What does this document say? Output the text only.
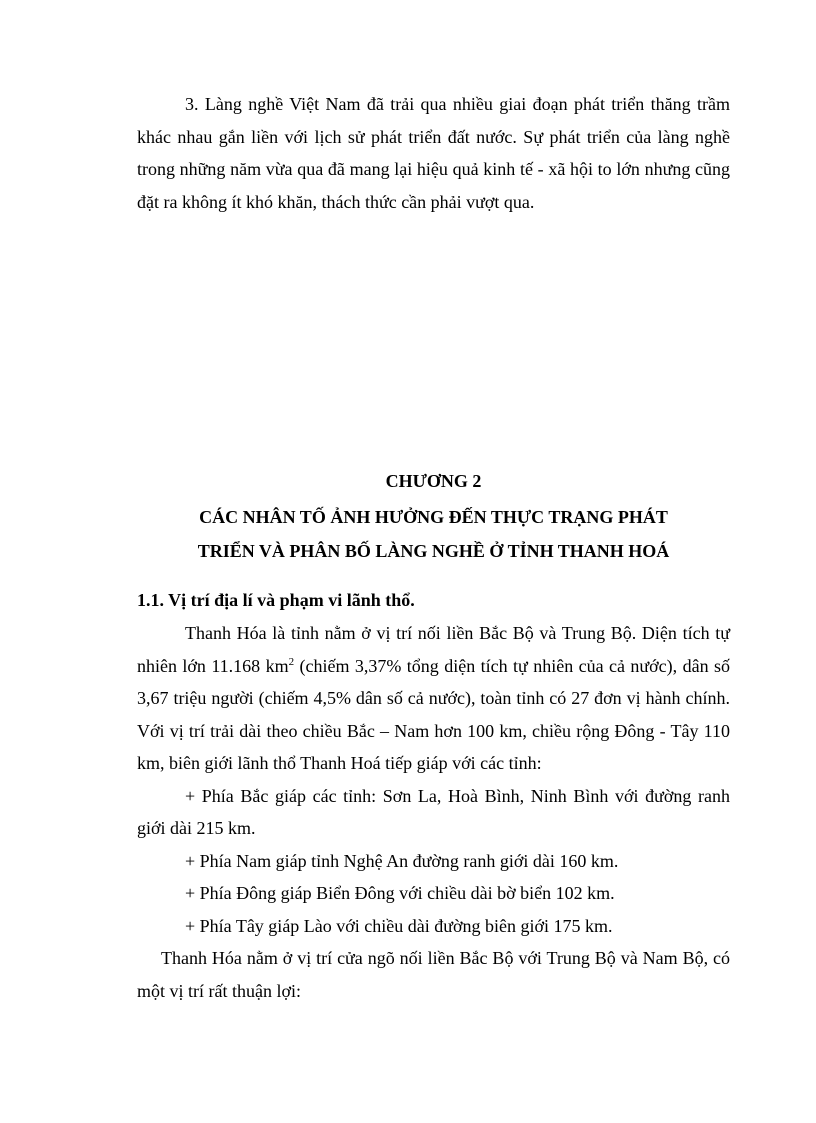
3. Làng nghề Việt Nam đã trải qua nhiều giai đoạn phát triển thăng trầm khác nhau gắn liền với lịch sử phát triển đất nước. Sự phát triển của làng nghề trong những năm vừa qua đã mang lại hiệu quả kinh tế - xã hội to lớn nhưng cũng đặt ra không ít khó khăn, thách thức cần phải vượt qua.

CHƯƠNG 2

CÁC NHÂN TỐ ẢNH HƯỞNG ĐẾN THỰC TRẠNG PHÁT
TRIỂN VÀ PHÂN BỐ LÀNG NGHỀ Ở TỈNH THANH HOÁ

1.1. Vị trí địa lí và phạm vi lãnh thổ.

Thanh Hóa là tỉnh nằm ở vị trí nối liền Bắc Bộ và Trung Bộ. Diện tích tự nhiên lớn 11.168 $km^2$ (chiếm 3,37% tổng diện tích tự nhiên của cả nước), dân số 3,67 triệu người (chiếm 4,5% dân số cả nước), toàn tỉnh có 27 đơn vị hành chính. Với vị trí trải dài theo chiều Bắc – Nam hơn 100 km, chiều rộng Đông - Tây 110 km, biên giới lãnh thổ Thanh Hoá tiếp giáp với các tỉnh:

+ Phía Bắc giáp các tỉnh: Sơn La, Hoà Bình, Ninh Bình với đường ranh giới dài 215 km.

+ Phía Nam giáp tỉnh Nghệ An đường ranh giới dài 160 km.

+ Phía Đông giáp Biển Đông với chiều dài bờ biển 102 km.

+ Phía Tây giáp Lào với chiều dài đường biên giới 175 km.

Thanh Hóa nằm ở vị trí cửa ngõ nối liền Bắc Bộ với Trung Bộ và Nam Bộ, có một vị trí rất thuận lợi:
